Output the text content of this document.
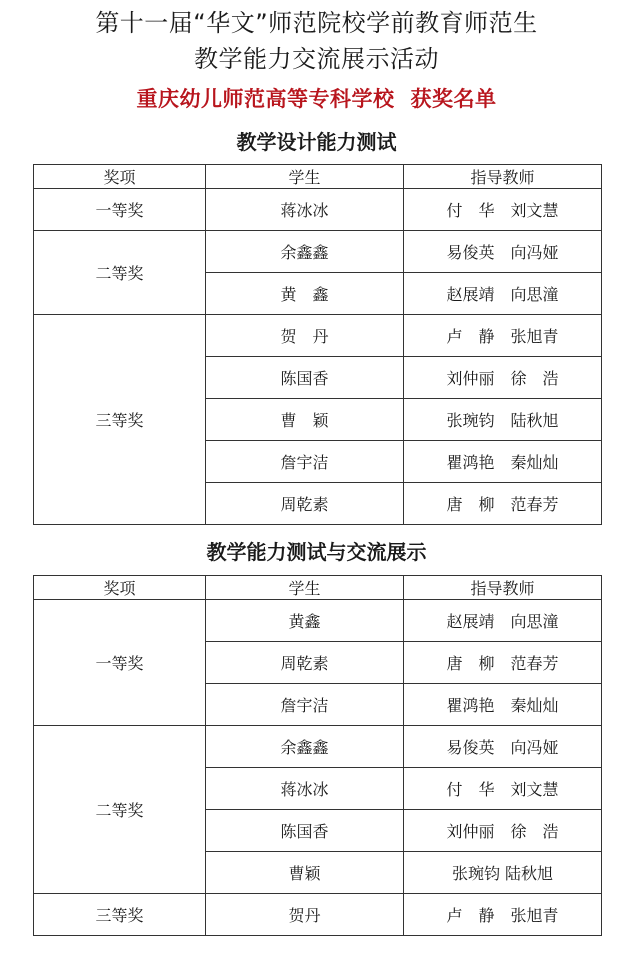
第十一届“华文”师范院校学前教育师范生
教学能力交流展示活动
重庆幼儿师范高等专科学校 获奖名单
教学设计能力测试
奖项	学生	指导教师
一等奖	蒋冰冰	付　华　刘文慧
二等奖	余鑫鑫	易俊英　向冯娅
	黄　鑫	赵展靖　向思潼
三等奖	贺　丹	卢　静　张旭青
	陈国香	刘仲丽　徐　浩
	曹　颖	张琬钧　陆秋旭
	詹宇洁	瞿鸿艳　秦灿灿
	周乾素	唐　柳　范春芳
教学能力测试与交流展示
奖项	学生	指导教师
一等奖	黄鑫	赵展靖　向思潼
	周乾素	唐　柳　范春芳
	詹宇洁	瞿鸿艳　秦灿灿
二等奖	余鑫鑫	易俊英　向冯娅
	蒋冰冰	付　华　刘文慧
	陈国香	刘仲丽　徐　浩
	曹颖	张琬钧 陆秋旭
三等奖	贺丹	卢　静　张旭青
